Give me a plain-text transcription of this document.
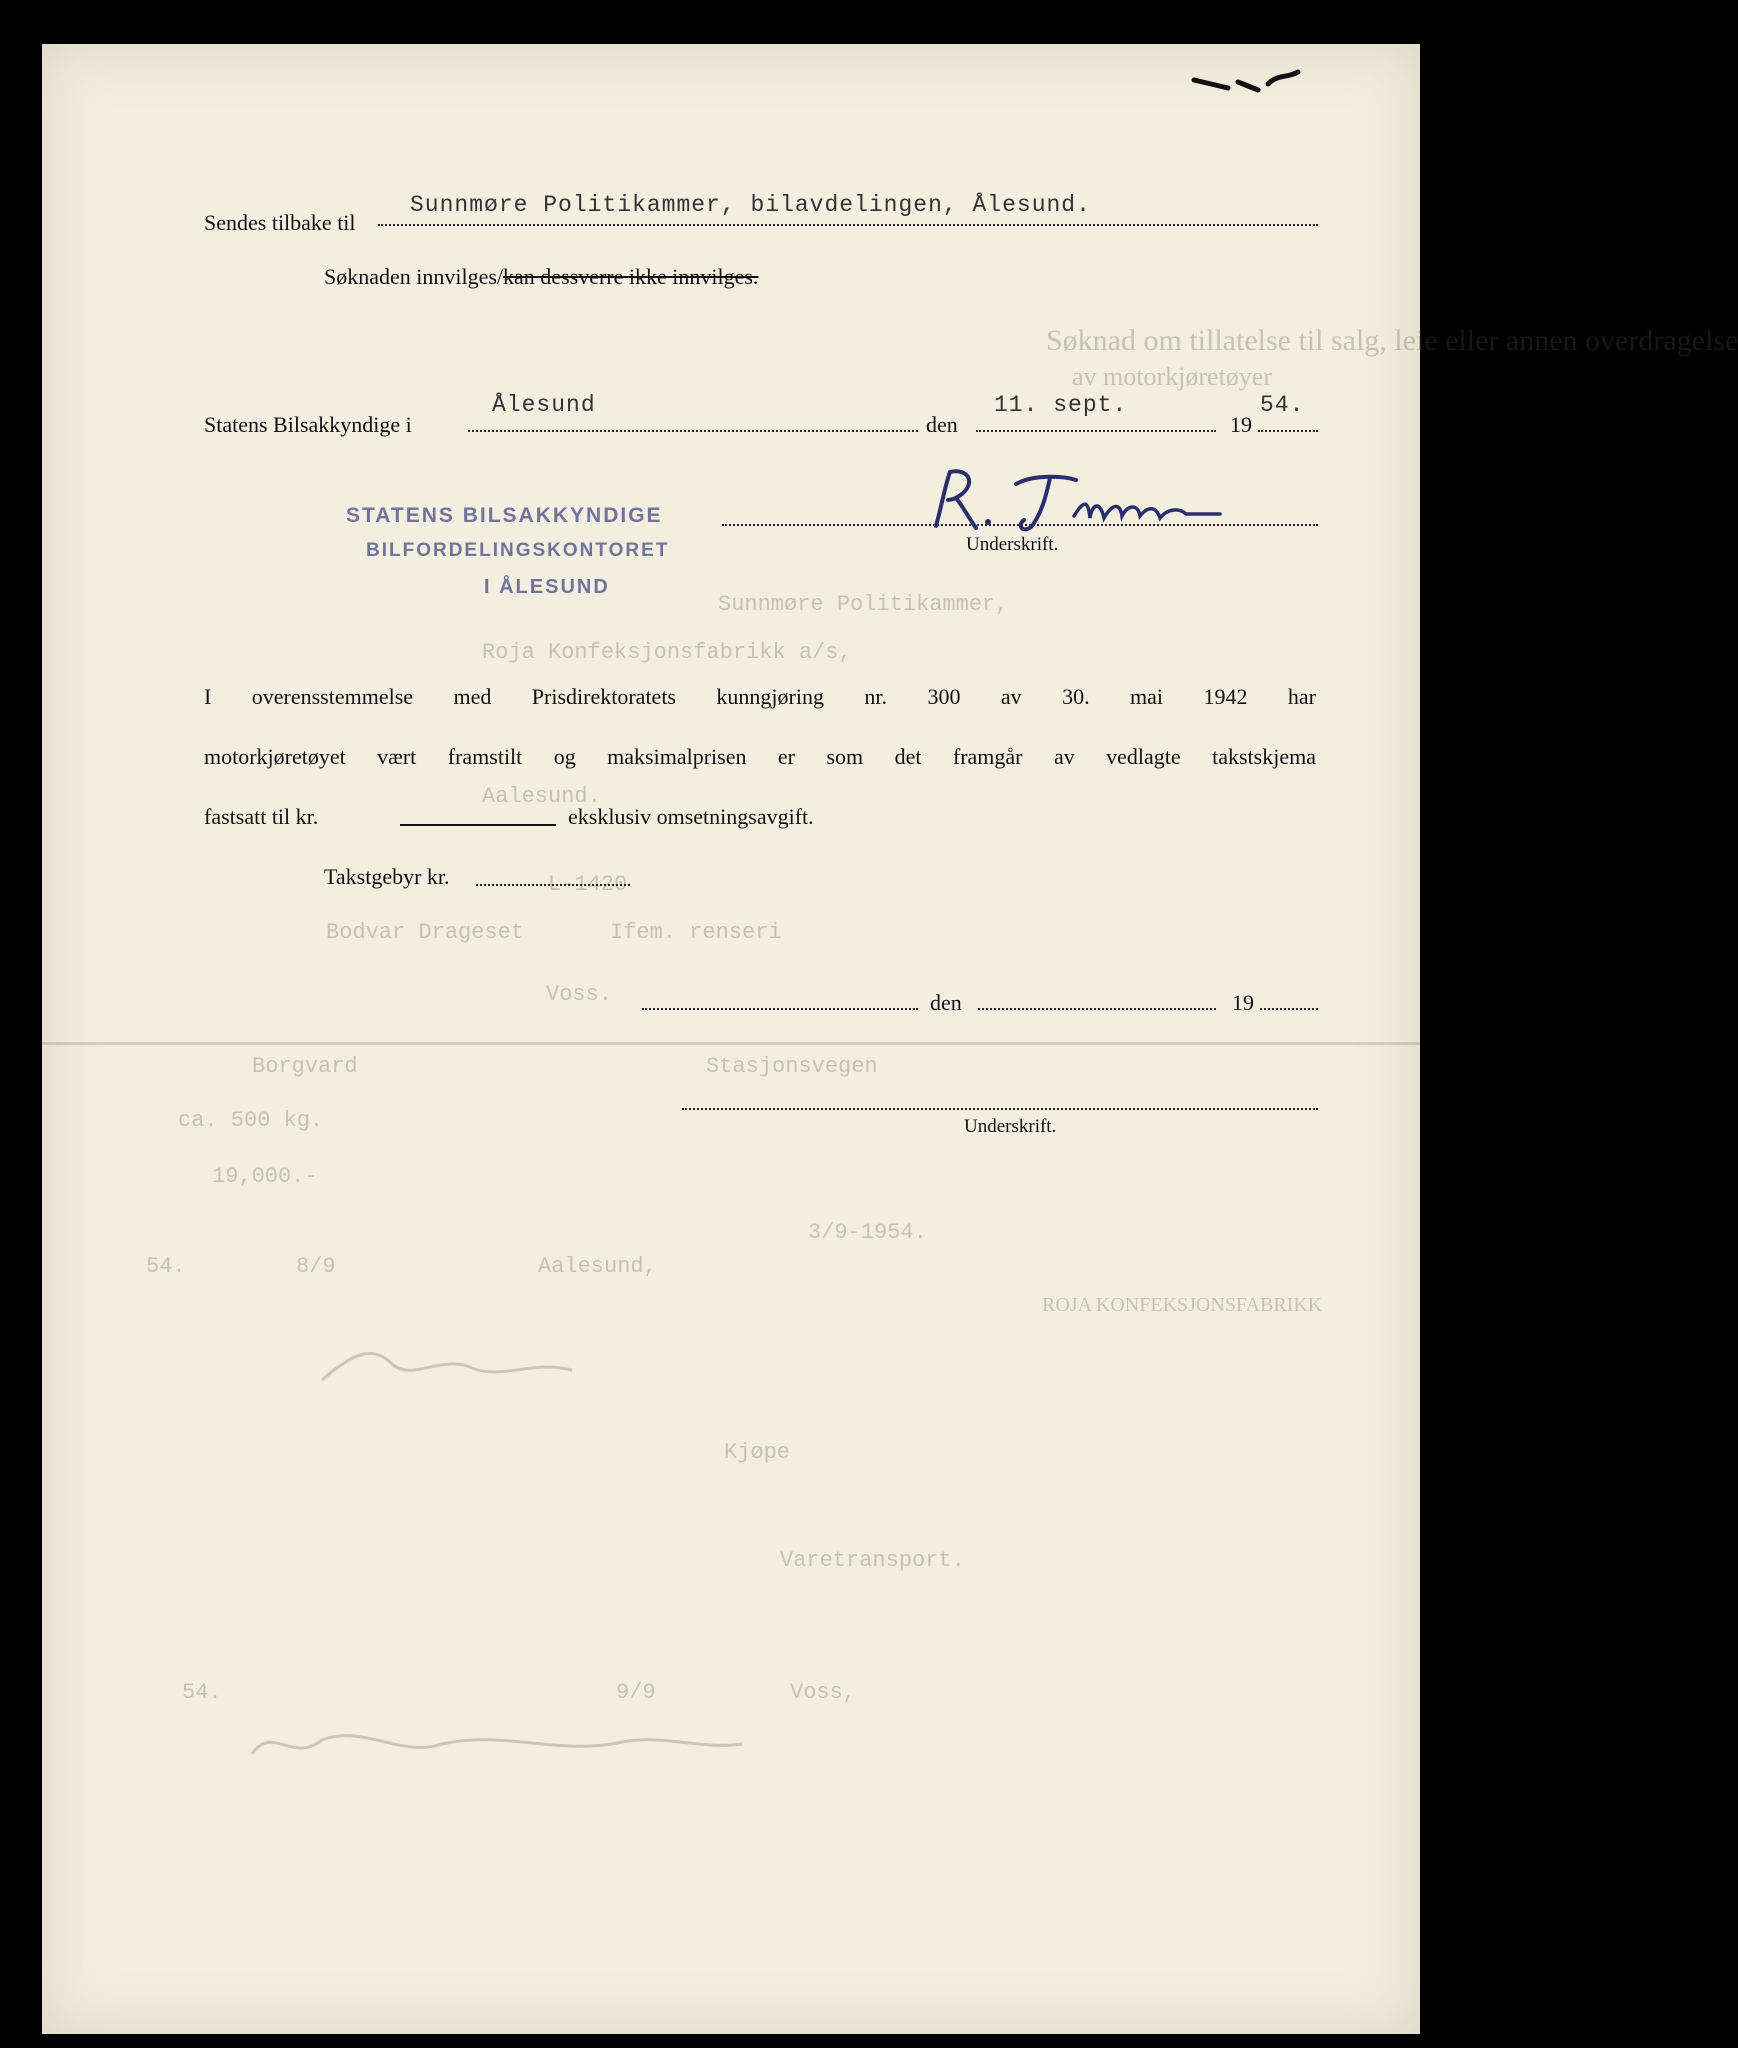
Søknad om tillatelse til salg, leie eller annen overdragelse
av motorkjøretøyer
Sunnmøre Politikammer,
Roja Konfeksjonsfabrikk a/s,
Aalesund.
L-1420
Bodvar Drageset	Ifem. renseri
Voss.
Stasjonsvegen
Borgvard
ca. 500 kg.
19,000.-
3/9-1954.
Aalesund,
8/9
54.
ROJA KONFEKSJONSFABRIKK
Kjøpe
Varetransport.
Voss,
9/9
54.
Sendes tilbake til
Sunnmøre Politikammer, bilavdelingen, Ålesund.
Søknaden innvilges/kan dessverre ikke innvilges.
Statens Bilsakkyndige i
Ålesund
den
11. sept.
19
54.
STATENS BILSAKKYNDIGE
BILFORDELINGSKONTORET
I ÅLESUND
Underskrift.
I overensstemmelse med Prisdirektoratets kunngjøring nr. 300 av 30. mai 1942 har
motorkjøretøyet vært framstilt og maksimalprisen er som det framgår av vedlagte takstskjema
fastsatt til kr.	eksklusiv omsetningsavgift.
Takstgebyr kr.
den	19
Underskrift.
